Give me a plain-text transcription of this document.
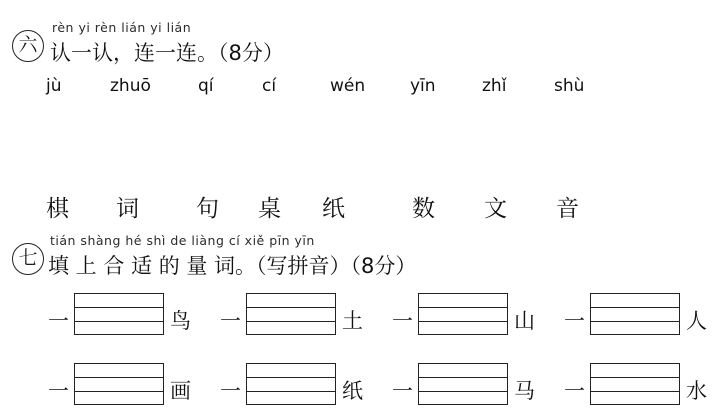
六
rèn yi rèn lián yi lián
认一认，连一连。（8分）
jù	zhuō	qí	cí	wén	yīn	zhǐ	shù
棋 词 句 桌 纸	数 文 音
七
tián shàng hé shì de liàng cí xiě pīn yīn
填 上 合 适 的 量 词。（写拼音）（8分）
一	鸟 一	土 一	山 一	人
一	画 一	纸 一	马 一	水
